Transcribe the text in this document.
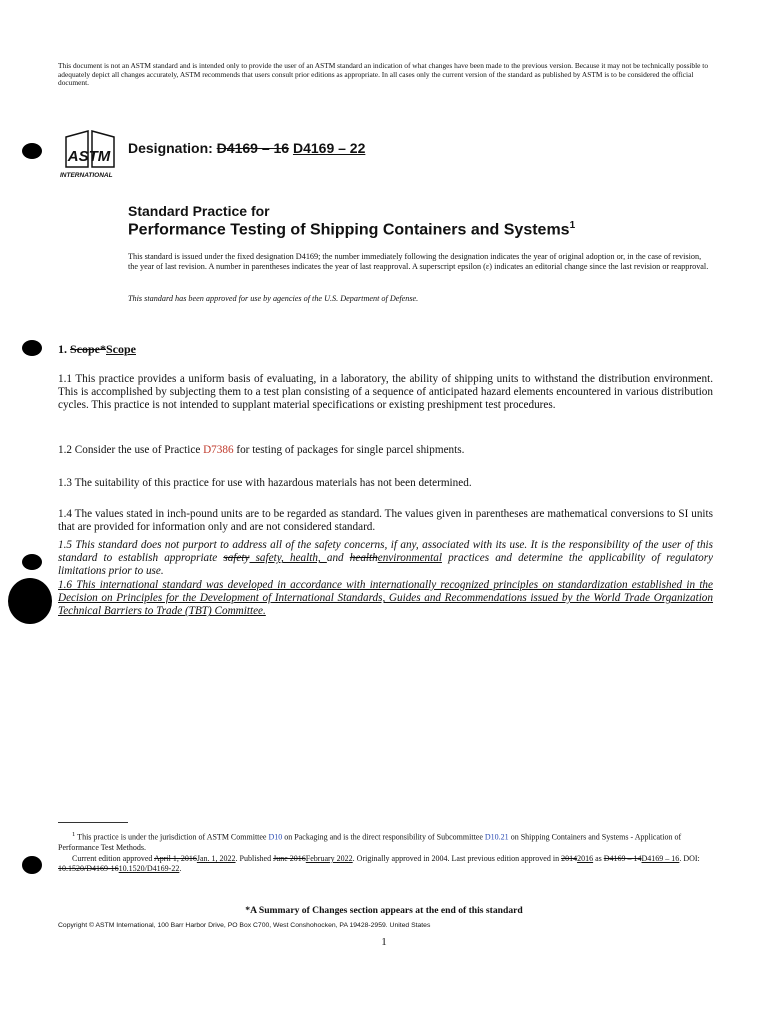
This document is not an ASTM standard and is intended only to provide the user of an ASTM standard an indication of what changes have been made to the previous version. Because it may not be technically possible to adequately depict all changes accurately, ASTM recommends that users consult prior editions as appropriate. In all cases only the current version of the standard as published by ASTM is to be considered the official document.
ASTM
INTERNATIONAL
Designation: D4169 – 16 D4169 – 22
Standard Practice for
Performance Testing of Shipping Containers and Systems$^1$
This standard is issued under the fixed designation D4169; the number immediately following the designation indicates the year of original adoption or, in the case of revision, the year of last revision. A number in parentheses indicates the year of last reapproval. A superscript epsilon (ε) indicates an editorial change since the last revision or reapproval.
This standard has been approved for use by agencies of the U.S. Department of Defense.
1. Scope*Scope
1.1 This practice provides a uniform basis of evaluating, in a laboratory, the ability of shipping units to withstand the distribution environment. This is accomplished by subjecting them to a test plan consisting of a sequence of anticipated hazard elements encountered in various distribution cycles. This practice is not intended to supplant material specifications or existing preshipment test procedures.
1.2 Consider the use of Practice D7386 for testing of packages for single parcel shipments.
1.3 The suitability of this practice for use with hazardous materials has not been determined.
1.4 The values stated in inch-pound units are to be regarded as standard. The values given in parentheses are mathematical conversions to SI units that are provided for information only and are not considered standard.
1.5 This standard does not purport to address all of the safety concerns, if any, associated with its use. It is the responsibility of the user of this standard to establish appropriate safety safety, health, and healthenvironmental practices and determine the applicability of regulatory limitations prior to use.
1.6 This international standard was developed in accordance with internationally recognized principles on standardization established in the Decision on Principles for the Development of International Standards, Guides and Recommendations issued by the World Trade Organization Technical Barriers to Trade (TBT) Committee.
$^1$ This practice is under the jurisdiction of ASTM Committee D10 on Packaging and is the direct responsibility of Subcommittee D10.21 on Shipping Containers and Systems - Application of Performance Test Methods.
Current edition approved April 1, 2016Jan. 1, 2022. Published June 2016February 2022. Originally approved in 2004. Last previous edition approved in 20142016 as D4169 – 14D4169 – 16. DOI: 10.1520/D4169-1610.1520/D4169-22.
*A Summary of Changes section appears at the end of this standard
Copyright © ASTM International, 100 Barr Harbor Drive, PO Box C700, West Conshohocken, PA 19428-2959. United States
1
